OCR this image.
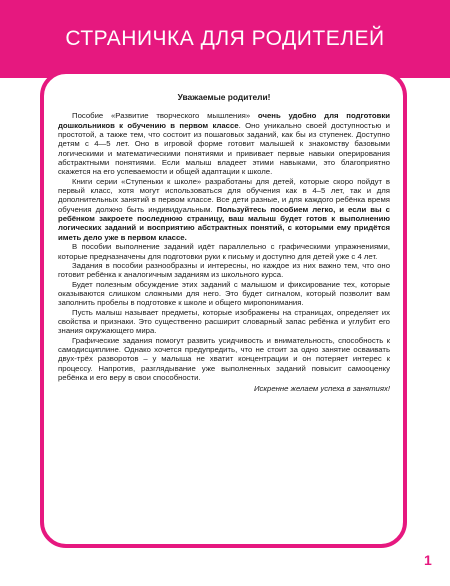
СТРАНИЧКА ДЛЯ РОДИТЕЛЕЙ

Уважаемые родители!

Пособие «Развитие творческого мышления» очень удобно для подготовки дошкольников к обучению в первом классе. Оно уникально своей доступностью и простотой, а также тем, что состоит из пошаговых заданий, как бы из ступенек. Доступно детям с 4—5 лет. Оно в игровой форме готовит малышей к знакомству базовыми логическими и математическими понятиями и прививает первые навыки оперирования абстрактными понятиями. Если малыш владеет этими навыками, это благоприятно скажется на его успеваемости и общей адаптации к школе.

Книги серии «Ступеньки к школе» разработаны для детей, которые скоро пойдут в первый класс, хотя могут использоваться для обучения как в 4–5 лет, так и для дополнительных занятий в первом классе. Все дети разные, и для каждого ребёнка время обучения должно быть индивидуальным. Пользуйтесь пособием легко, и если вы с ребёнком закроете последнюю страницу, ваш малыш будет готов к выполнению логических заданий и восприятию абстрактных понятий, с которыми ему придётся иметь дело уже в первом классе.

В пособии выполнение заданий идёт параллельно с графическими упражнениями, которые предназначены для подготовки руки к письму и доступно для детей уже с 4 лет.

Задания в пособии разнообразны и интересны, но каждое из них важно тем, что оно готовит ребёнка к аналогичным заданиям из школьного курса.

Будет полезным обсуждение этих заданий с малышом и фиксирование тех, которые оказываются слишком сложными для него. Это будет сигналом, который позволит вам заполнить пробелы в подготовке к школе и общего миропонимания.

Пусть малыш называет предметы, которые изображены на страницах, определяет их свойства и признаки. Это существенно расширит словарный запас ребёнка и углубит его знания окружающего мира.

Графические задания помогут развить усидчивость и внимательность, способность к самодисциплине. Однако хочется предупредить, что не стоит за одно занятие осваивать двух-трёх разворотов – у малыша не хватит концентрации и он потеряет интерес к процессу. Напротив, разглядывание уже выполненных заданий повысит самооценку ребёнка и его веру в свои способности.

Искренне желаем успеха в занятиях!

1
